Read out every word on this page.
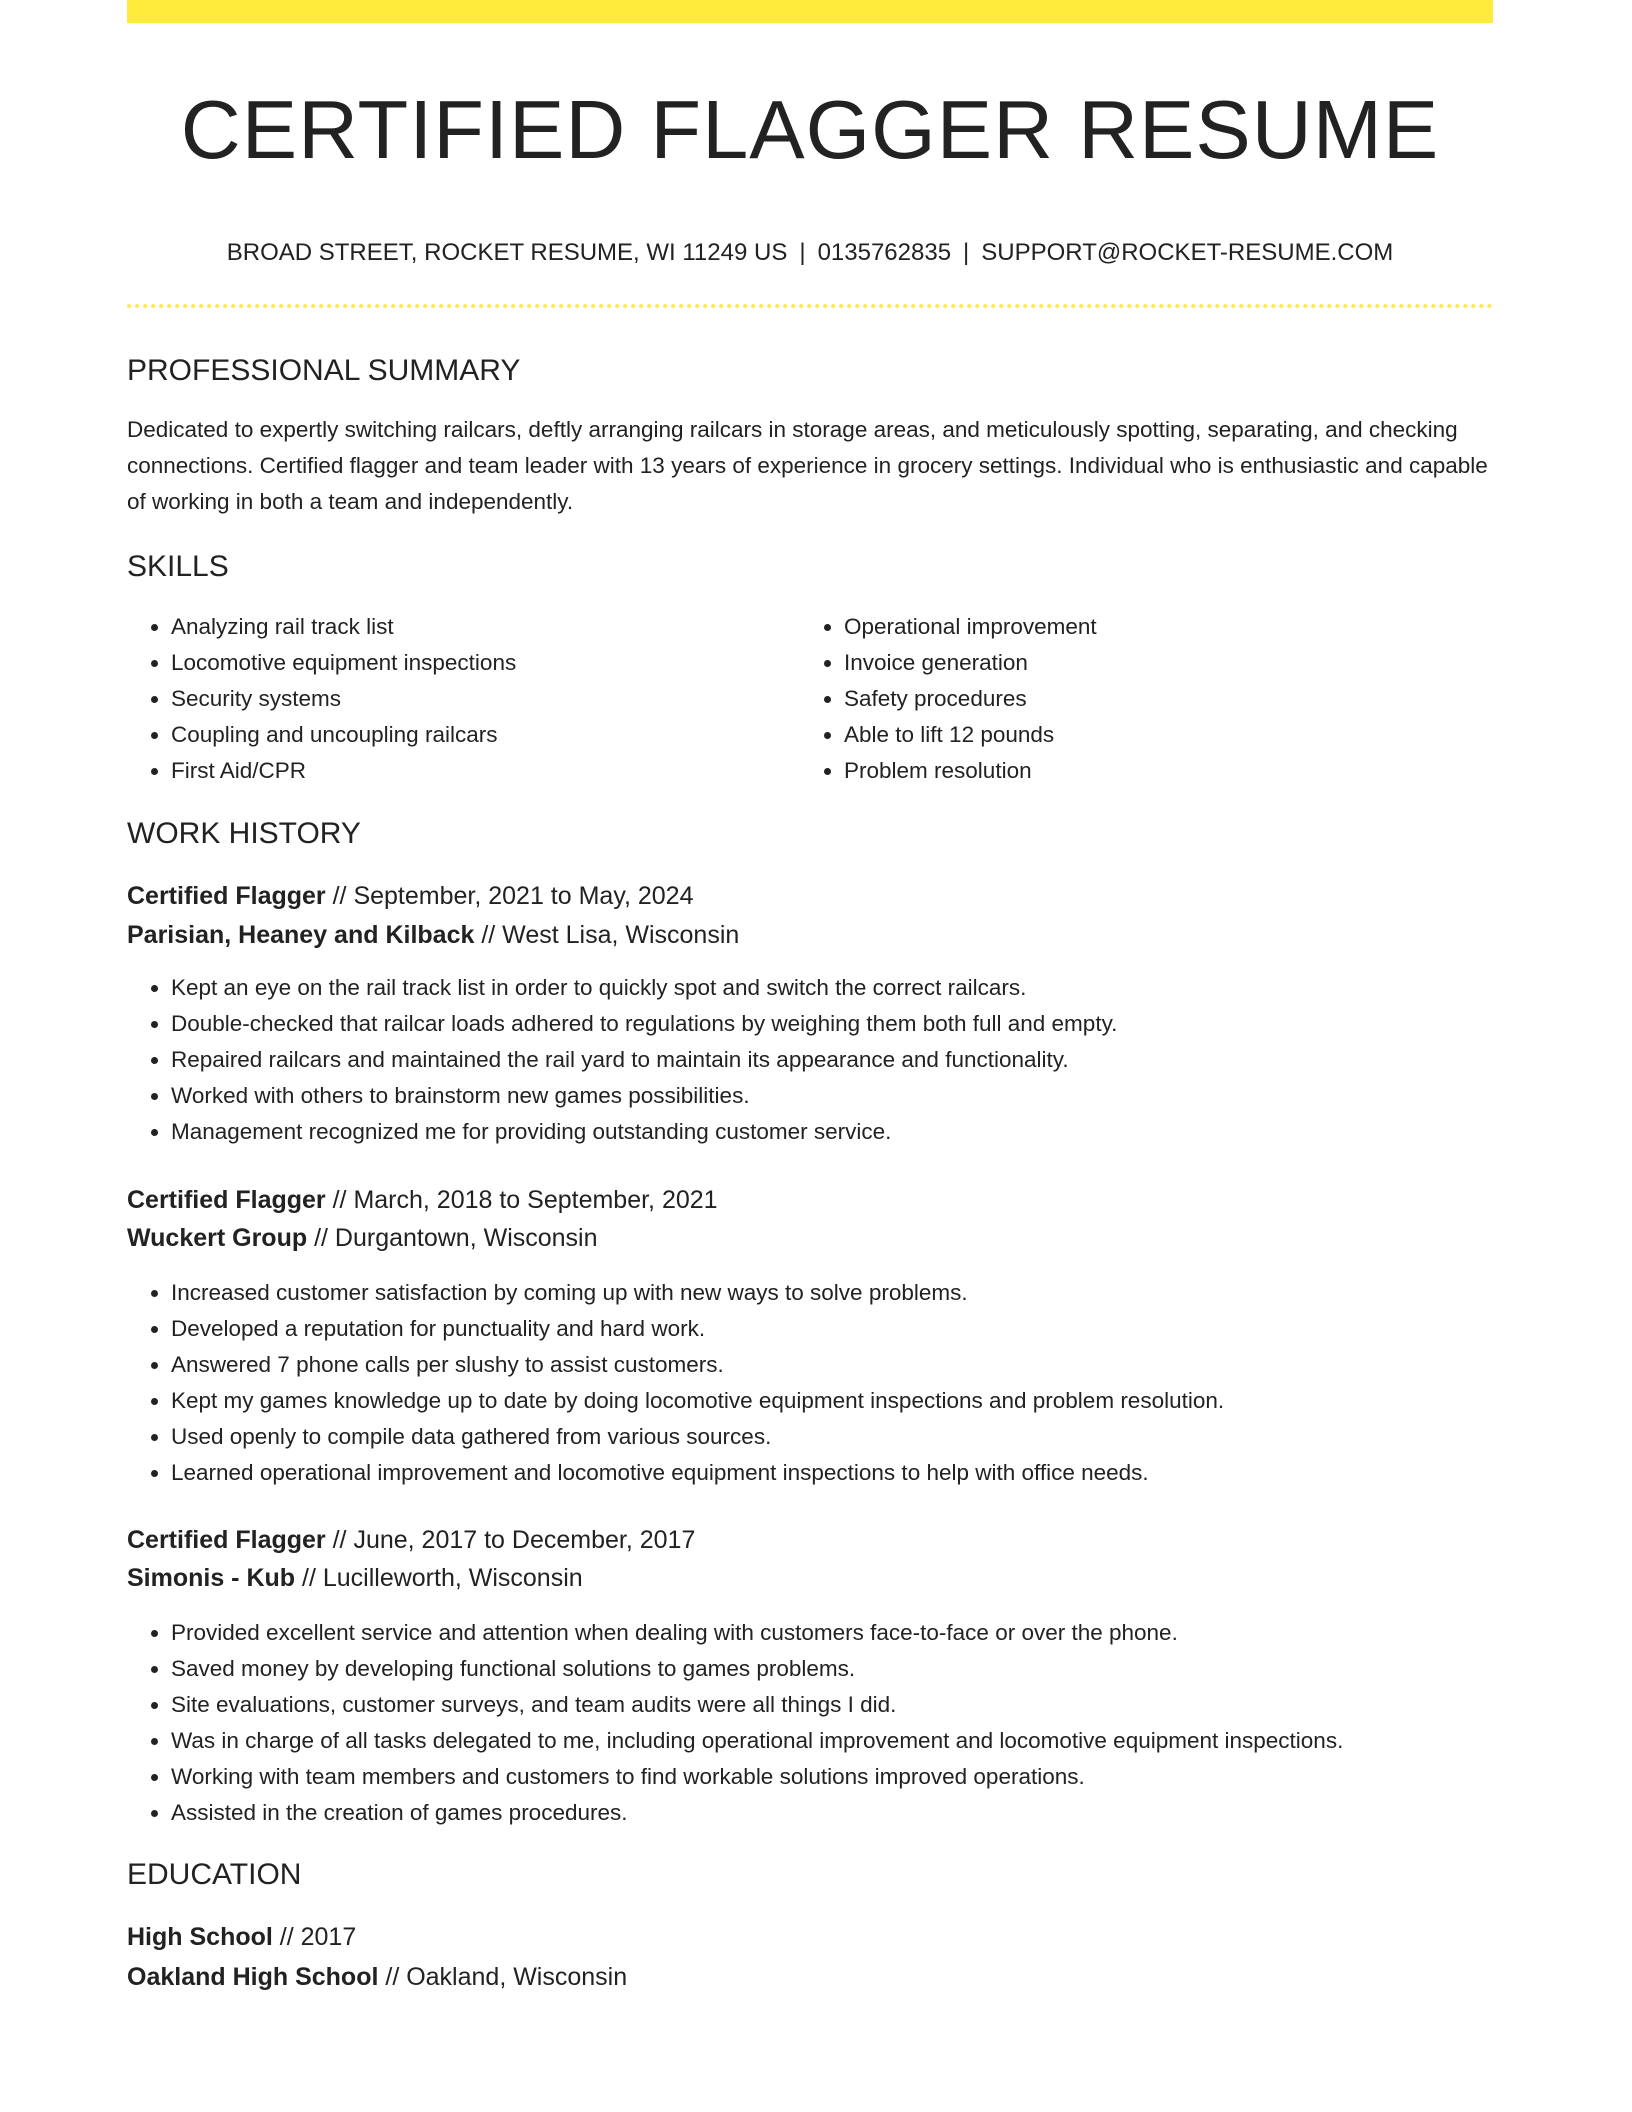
CERTIFIED FLAGGER RESUME
BROAD STREET, ROCKET RESUME, WI 11249 US | 0135762835 | SUPPORT@ROCKET-RESUME.COM
PROFESSIONAL SUMMARY
Dedicated to expertly switching railcars, deftly arranging railcars in storage areas, and meticulously spotting, separating, and checking connections. Certified flagger and team leader with 13 years of experience in grocery settings. Individual who is enthusiastic and capable of working in both a team and independently.
SKILLS
• Analyzing rail track list
• Locomotive equipment inspections
• Security systems
• Coupling and uncoupling railcars
• First Aid/CPR
• Operational improvement
• Invoice generation
• Safety procedures
• Able to lift 12 pounds
• Problem resolution
WORK HISTORY
Certified Flagger // September, 2021 to May, 2024
Parisian, Heaney and Kilback // West Lisa, Wisconsin
• Kept an eye on the rail track list in order to quickly spot and switch the correct railcars.
• Double-checked that railcar loads adhered to regulations by weighing them both full and empty.
• Repaired railcars and maintained the rail yard to maintain its appearance and functionality.
• Worked with others to brainstorm new games possibilities.
• Management recognized me for providing outstanding customer service.
Certified Flagger // March, 2018 to September, 2021
Wuckert Group // Durgantown, Wisconsin
• Increased customer satisfaction by coming up with new ways to solve problems.
• Developed a reputation for punctuality and hard work.
• Answered 7 phone calls per slushy to assist customers.
• Kept my games knowledge up to date by doing locomotive equipment inspections and problem resolution.
• Used openly to compile data gathered from various sources.
• Learned operational improvement and locomotive equipment inspections to help with office needs.
Certified Flagger // June, 2017 to December, 2017
Simonis - Kub // Lucilleworth, Wisconsin
• Provided excellent service and attention when dealing with customers face-to-face or over the phone.
• Saved money by developing functional solutions to games problems.
• Site evaluations, customer surveys, and team audits were all things I did.
• Was in charge of all tasks delegated to me, including operational improvement and locomotive equipment inspections.
• Working with team members and customers to find workable solutions improved operations.
• Assisted in the creation of games procedures.
EDUCATION
High School // 2017
Oakland High School // Oakland, Wisconsin
